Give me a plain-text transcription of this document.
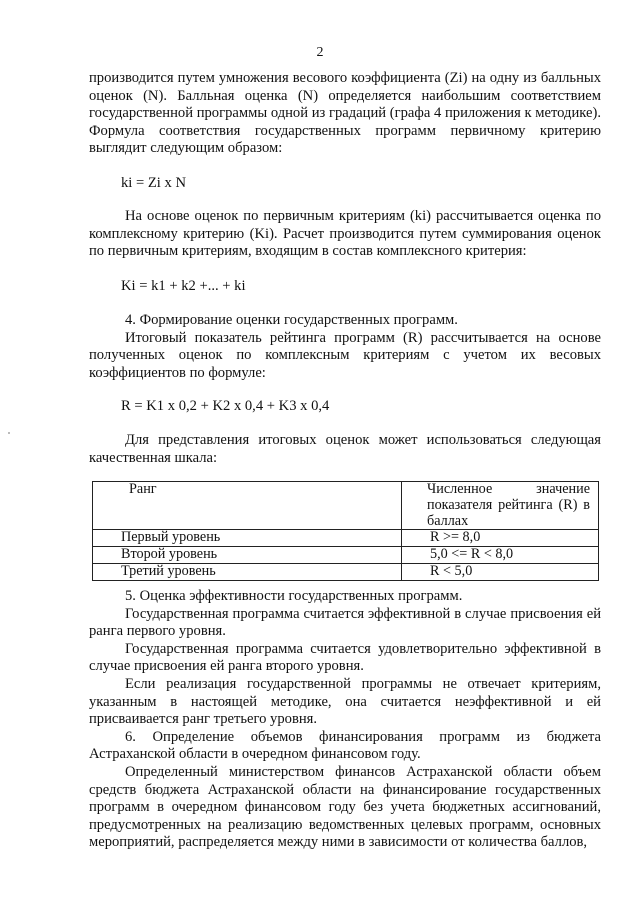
2

производится путем умножения весового коэффициента (Zi) на одну из балльных оценок (N). Балльная оценка (N) определяется наибольшим соответствием государственной программы одной из градаций (графа 4 приложения к методике). Формула соответствия государственных программ первичному критерию выглядит следующим образом:

ki = Zi x N

На основе оценок по первичным критериям (ki) рассчитывается оценка по комплексному критерию (Ki). Расчет производится путем суммирования оценок по первичным критериям, входящим в состав комплексного критерия:

Ki = k1 + k2 +... + ki

4. Формирование оценки государственных программ.

Итоговый показатель рейтинга программ (R) рассчитывается на основе полученных оценок по комплексным критериям с учетом их весовых коэффициентов по формуле:

R = K1 x 0,2 + K2 x 0,4 + K3 x 0,4

Для представления итоговых оценок может использоваться следующая качественная шкала:

Ранг	Численное значение показателя рейтинга (R) в баллах
Первый уровень	R >= 8,0
Второй уровень	5,0 <= R < 8,0
Третий уровень	R < 5,0

5. Оценка эффективности государственных программ.

Государственная программа считается эффективной в случае присвоения ей ранга первого уровня.

Государственная программа считается удовлетворительно эффективной в случае присвоения ей ранга второго уровня.

Если реализация государственной программы не отвечает критериям, указанным в настоящей методике, она считается неэффективной и ей присваивается ранг третьего уровня.

6. Определение объемов финансирования программ из бюджета Астраханской области в очередном финансовом году.

Определенный министерством финансов Астраханской области объем средств бюджета Астраханской области на финансирование государственных программ в очередном финансовом году без учета бюджетных ассигнований, предусмотренных на реализацию ведомственных целевых программ, основных мероприятий, распределяется между ними в зависимости от количества баллов,
